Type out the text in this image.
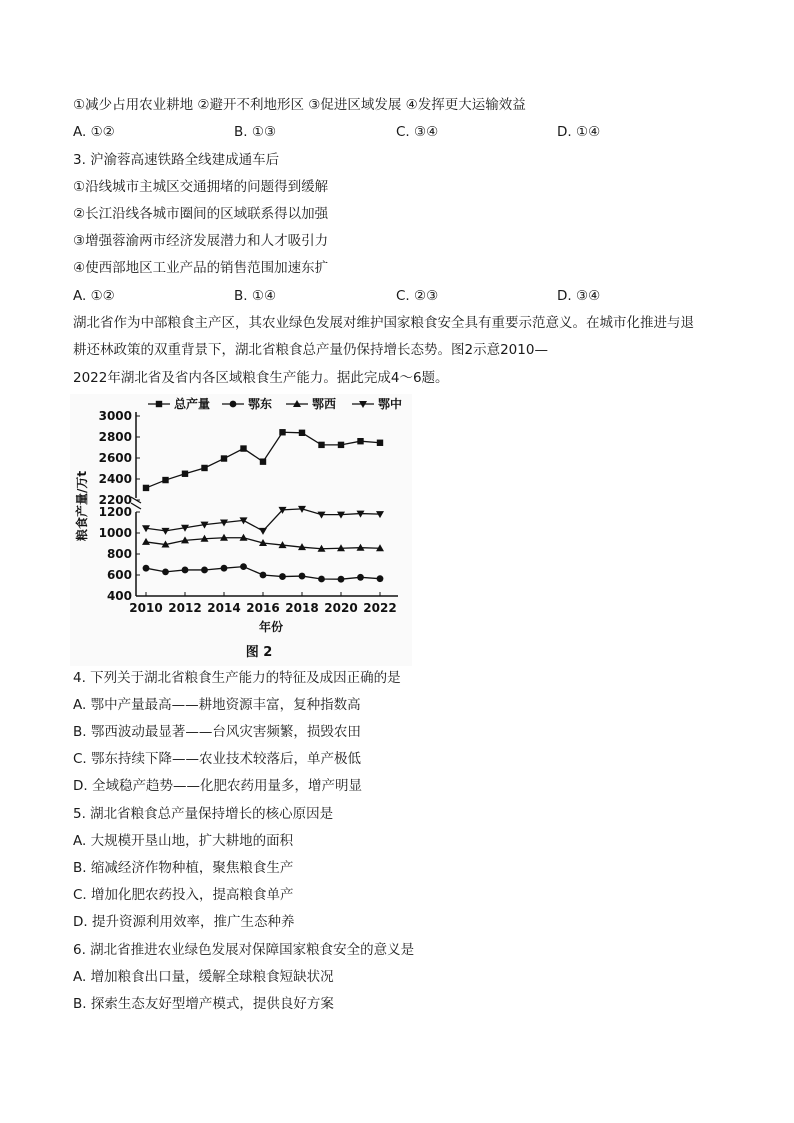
①减少占用农业耕地 ②避开不利地形区 ③促进区域发展 ④发挥更大运输效益
A. ①②	B. ①③	C. ③④	D. ①④
3. 沪渝蓉高速铁路全线建成通车后
①沿线城市主城区交通拥堵的问题得到缓解
②长江沿线各城市圈间的区域联系得以加强
③增强蓉渝两市经济发展潜力和人才吸引力
④使西部地区工业产品的销售范围加速东扩
A. ①②	B. ①④	C. ②③	D. ③④
湖北省作为中部粮食主产区，其农业绿色发展对维护国家粮食安全具有重要示范意义。在城市化推进与退
耕还林政策的双重背景下，湖北省粮食总产量仍保持增长态势。图2示意2010—
2022年湖北省及省内各区域粮食生产能力。据此完成4～6题。
3000
2800
2600
2400
2200
1200
1000
800
600
400
2010 2012 2014 2016 2018 2020 2022
粮食产量/万t
年份
图 2
总产量	鄂东	鄂西	鄂中
4. 下列关于湖北省粮食生产能力的特征及成因正确的是
A. 鄂中产量最高——耕地资源丰富，复种指数高
B. 鄂西波动最显著——台风灾害频繁，损毁农田
C. 鄂东持续下降——农业技术较落后，单产极低
D. 全域稳产趋势——化肥农药用量多，增产明显
5. 湖北省粮食总产量保持增长的核心原因是
A. 大规模开垦山地，扩大耕地的面积
B. 缩减经济作物种植，聚焦粮食生产
C. 增加化肥农药投入，提高粮食单产
D. 提升资源利用效率，推广生态种养
6. 湖北省推进农业绿色发展对保障国家粮食安全的意义是
A. 增加粮食出口量，缓解全球粮食短缺状况
B. 探索生态友好型增产模式，提供良好方案
